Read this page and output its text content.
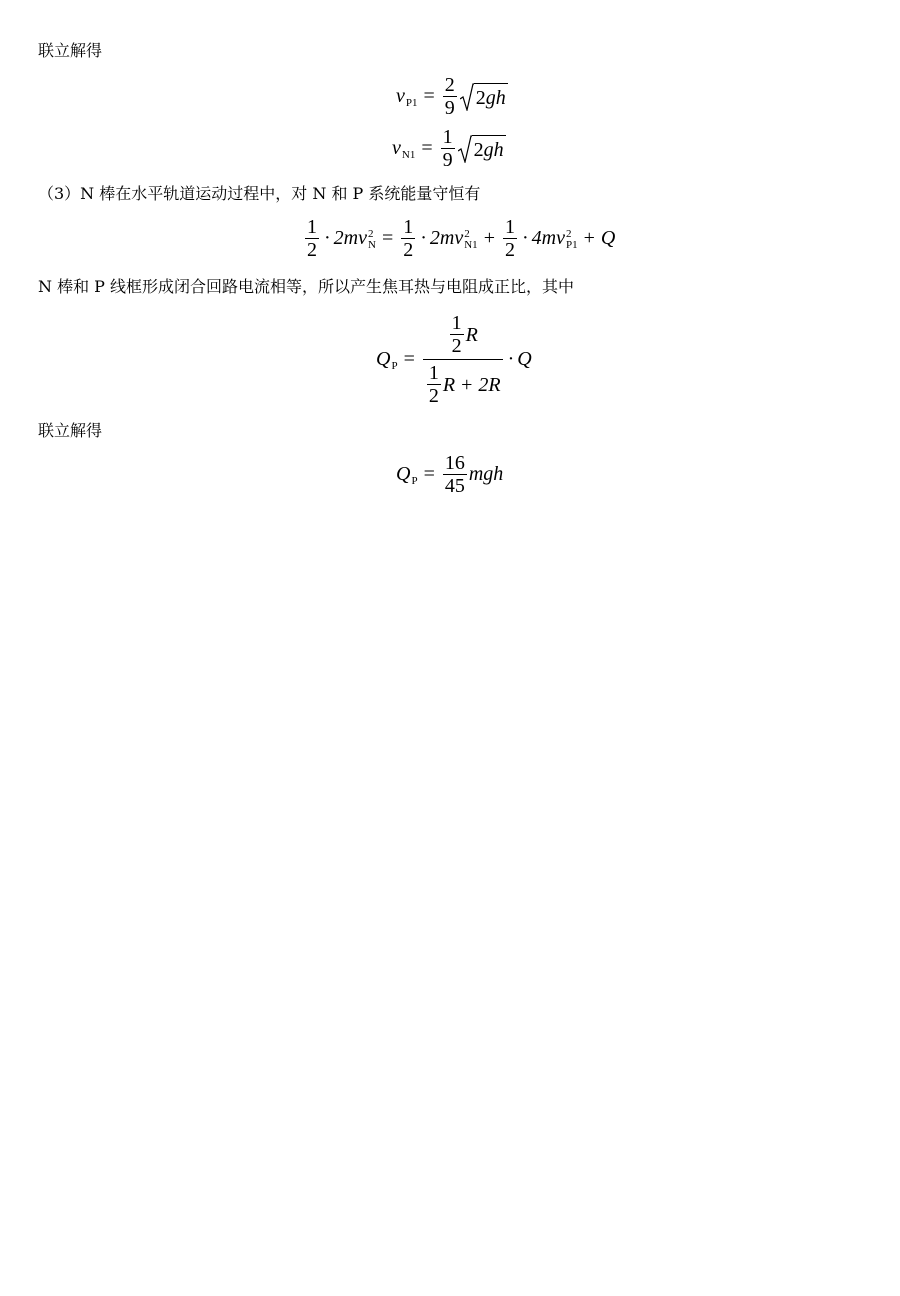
联立解得
v $P1 = \frac{2}{9} 2gh$
v $N1 = \frac{1}{9} 2gh$
（3）N 棒在水平轨道运动过程中，对 N 和 P 系统能量守恒有
$\frac{1}{2} \cdot 2mv$ 2
$N = \frac{1}{2} \cdot 2mv$ 2
$N1 + \frac{1}{2} \cdot 4mv$ 2
P1 + Q
N 棒和 P 线框形成闭合回路电流相等，所以产生焦耳热与电阻成正比，其中
Q P =
$\frac{1}{2}$ R
$\frac{1}{2}$ R + 2R
· Q
联立解得
Q $P = \frac{16}{45}$ mgh
